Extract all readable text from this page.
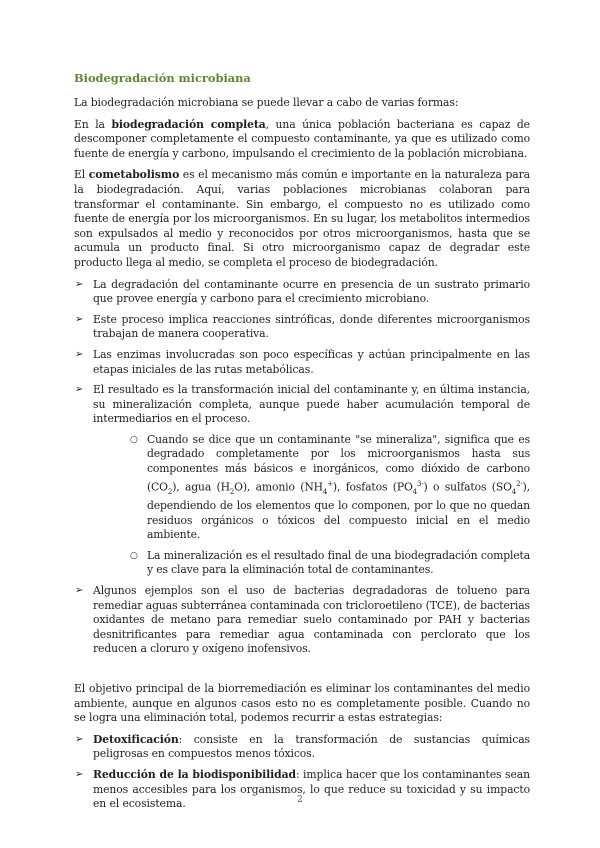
Biodegradación microbiana

La biodegradación microbiana se puede llevar a cabo de varias formas:

En la biodegradación completa, una única población bacteriana es capaz de descomponer completamente el compuesto contaminante, ya que es utilizado como fuente de energía y carbono, impulsando el crecimiento de la población microbiana.

El cometabolismo es el mecanismo más común e importante en la naturaleza para la biodegradación. Aquí, varias poblaciones microbianas colaboran para transformar el contaminante. Sin embargo, el compuesto no es utilizado como fuente de energía por los microorganismos. En su lugar, los metabolitos intermedios son expulsados al medio y reconocidos por otros microorganismos, hasta que se acumula un producto final. Si otro microorganismo capaz de degradar este producto llega al medio, se completa el proceso de biodegradación.

➢ La degradación del contaminante ocurre en presencia de un sustrato primario que provee energía y carbono para el crecimiento microbiano.
➢ Este proceso implica reacciones sintróficas, donde diferentes microorganismos trabajan de manera cooperativa.
➢ Las enzimas involucradas son poco específicas y actúan principalmente en las etapas iniciales de las rutas metabólicas.
➢ El resultado es la transformación inicial del contaminante y, en última instancia, su mineralización completa, aunque puede haber acumulación temporal de intermediarios en el proceso.
○ Cuando se dice que un contaminante "se mineraliza", significa que es degradado completamente por los microorganismos hasta sus componentes más básicos e inorgánicos, como dióxido de carbono $(CO_2)$, agua $(H_2O)$, amonio $(NH_4^+)$, fosfatos $(PO_4^{3-})$ o sulfatos $(SO_4^{2-})$, dependiendo de los elementos que lo componen, por lo que no quedan residuos orgánicos o tóxicos del compuesto inicial en el medio ambiente.
○ La mineralización es el resultado final de una biodegradación completa y es clave para la eliminación total de contaminantes.
➢ Algunos ejemplos son el uso de bacterias degradadoras de tolueno para remediar aguas subterránea contaminada con tricloroetileno (TCE), de bacterias oxidantes de metano para remediar suelo contaminado por PAH y bacterias desnitrificantes para remediar agua contaminada con perclorato que los reducen a cloruro y oxígeno inofensivos.

El objetivo principal de la biorremediación es eliminar los contaminantes del medio ambiente, aunque en algunos casos esto no es completamente posible. Cuando no se logra una eliminación total, podemos recurrir a estas estrategias:

➢ Detoxificación: consiste en la transformación de sustancias químicas peligrosas en compuestos menos tóxicos.
➢ Reducción de la biodisponibilidad: implica hacer que los contaminantes sean menos accesibles para los organismos, lo que reduce su toxicidad y su impacto en el ecosistema.	2
